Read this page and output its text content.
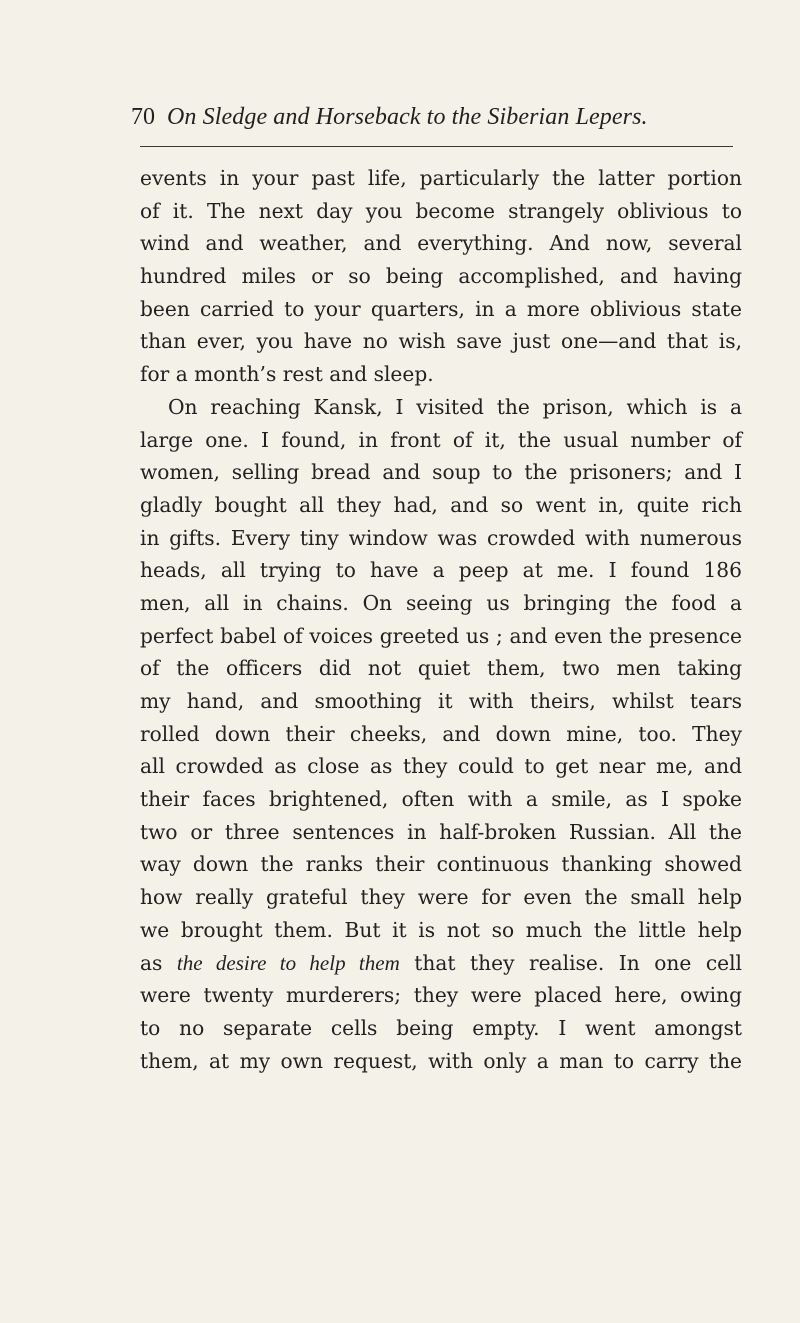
70 On Sledge and Horseback to the Siberian Lepers.
events in your past life, particularly the latter portion
of it. The next day you become strangely oblivious to
wind and weather, and everything. And now, several
hundred miles or so being accomplished, and having
been carried to your quarters, in a more oblivious state
than ever, you have no wish save just one—and that is,
for a month’s rest and sleep.
On reaching Kansk, I visited the prison, which is a
large one. I found, in front of it, the usual number of
women, selling bread and soup to the prisoners; and I
gladly bought all they had, and so went in, quite rich
in gifts. Every tiny window was crowded with numerous
heads, all trying to have a peep at me. I found 186
men, all in chains. On seeing us bringing the food a
perfect babel of voices greeted us ; and even the presence
of the officers did not quiet them, two men taking
my hand, and smoothing it with theirs, whilst tears
rolled down their cheeks, and down mine, too. They
all crowded as close as they could to get near me, and
their faces brightened, often with a smile, as I spoke
two or three sentences in half-broken Russian. All the
way down the ranks their continuous thanking showed
how really grateful they were for even the small help
we brought them. But it is not so much the little help
as the desire to help them that they realise. In one cell
were twenty murderers; they were placed here, owing
to no separate cells being empty. I went amongst
them, at my own request, with only a man to carry the
